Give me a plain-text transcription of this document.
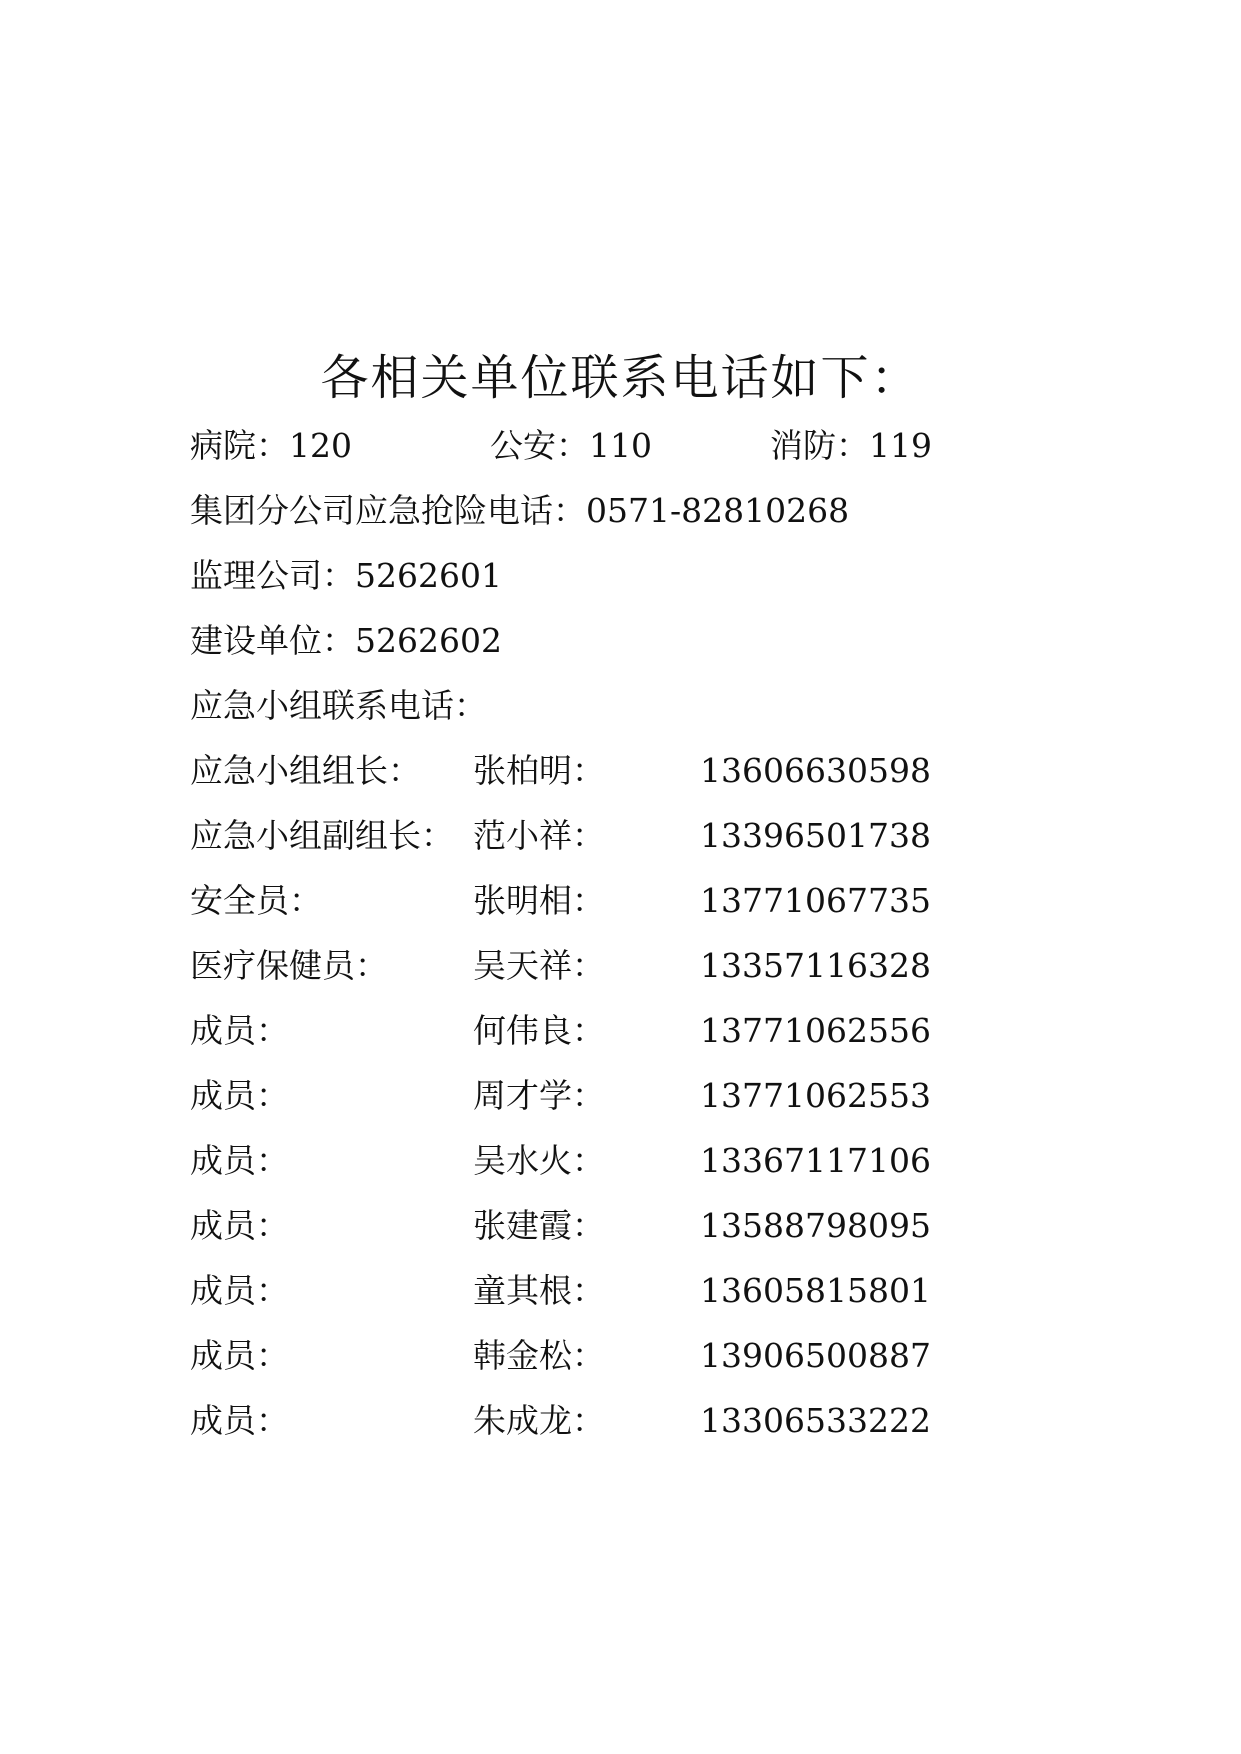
各相关单位联系电话如下：
病院：120	公安：110	消防：119
集团分公司应急抢险电话：0571-82810268
监理公司：5262601
建设单位：5262602
应急小组联系电话：
应急小组组长： 张柏明：	13606630598
应急小组副组长： 范小祥：	13396501738
安全员：	张明相：	13771067735
医疗保健员：	吴天祥：	13357116328
成员：	何伟良：	13771062556
成员：	周才学：	13771062553
成员：	吴水火：	13367117106
成员：	张建霞：	13588798095
成员：	童其根：	13605815801
成员：	韩金松：	13906500887
成员：	朱成龙：	13306533222
